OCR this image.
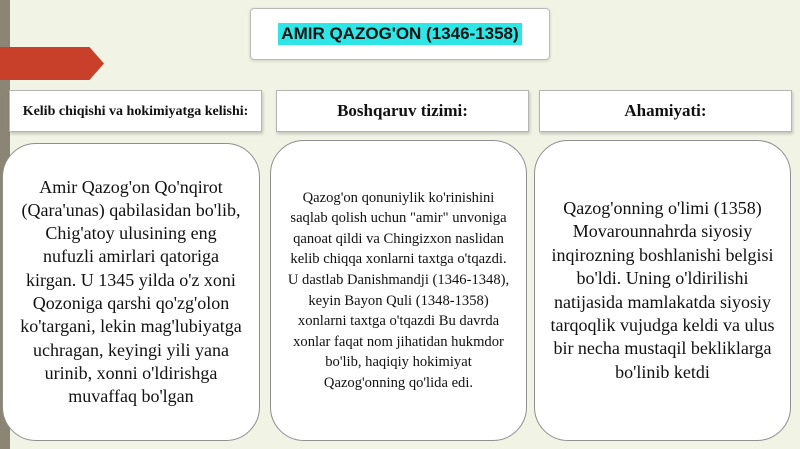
AMIR QAZOG'ON (1346-1358)
Kelib chiqishi va hokimiyatga kelishi:	Boshqaruv tizimi:	Ahamiyati:
Amir Qazog'on Qo'nqirot (Qara'unas) qabilasidan bo'lib, Chig'atoy ulusining eng nufuzli amirlari qatoriga kirgan. U 1345 yilda o'z xoni Qozoniga qarshi qo'zg'olon ko'targani, lekin mag'lubiyatga uchragan, keyingi yili yana urinib, xonni o'ldirishga muvaffaq bo'lgan
Qazog'on qonuniylik ko'rinishini saqlab qolish uchun "amir" unvoniga qanoat qildi va Chingizxon naslidan kelib chiqqa xonlarni taxtga o'tqazdi. U dastlab Danishmandji (1346-1348), keyin Bayon Quli (1348-1358) xonlarni taxtga o'tqazdi Bu davrda xonlar faqat nom jihatidan hukmdor bo'lib, haqiqiy hokimiyat Qazog'onning qo'lida edi.
Qazog'onning o'limi (1358) Movarounnahrda siyosiy inqirozning boshlanishi belgisi bo'ldi. Uning o'ldirilishi natijasida mamlakatda siyosiy tarqoqlik vujudga keldi va ulus bir necha mustaqil bekliklarga bo'linib ketdi
